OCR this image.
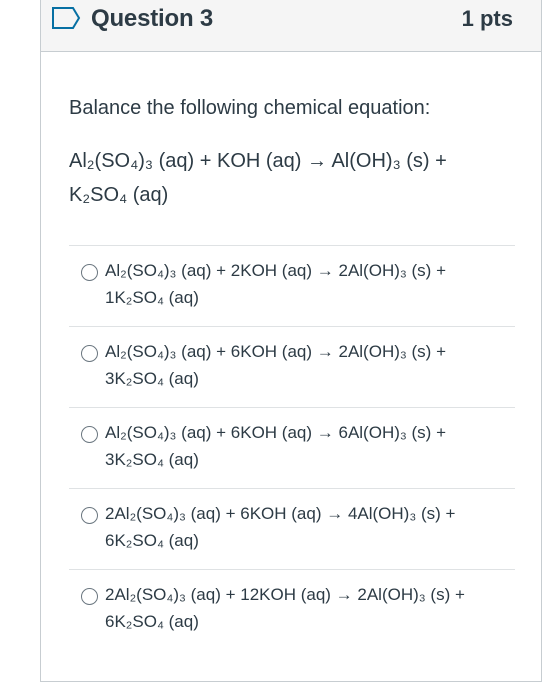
Question 3	1 pts
Balance the following chemical equation:
Al₂(SO₄)₃ (aq) + KOH (aq) → Al(OH)₃ (s) +
K₂SO₄ (aq)
Al₂(SO₄)₃ (aq) + 2KOH (aq) → 2Al(OH)₃ (s) +
1K₂SO₄ (aq)
Al₂(SO₄)₃ (aq) + 6KOH (aq) → 2Al(OH)₃ (s) +
3K₂SO₄ (aq)
Al₂(SO₄)₃ (aq) + 6KOH (aq) → 6Al(OH)₃ (s) +
3K₂SO₄ (aq)
2Al₂(SO₄)₃ (aq) + 6KOH (aq) → 4Al(OH)₃ (s) +
6K₂SO₄ (aq)
2Al₂(SO₄)₃ (aq) + 12KOH (aq) → 2Al(OH)₃ (s) +
6K₂SO₄ (aq)
